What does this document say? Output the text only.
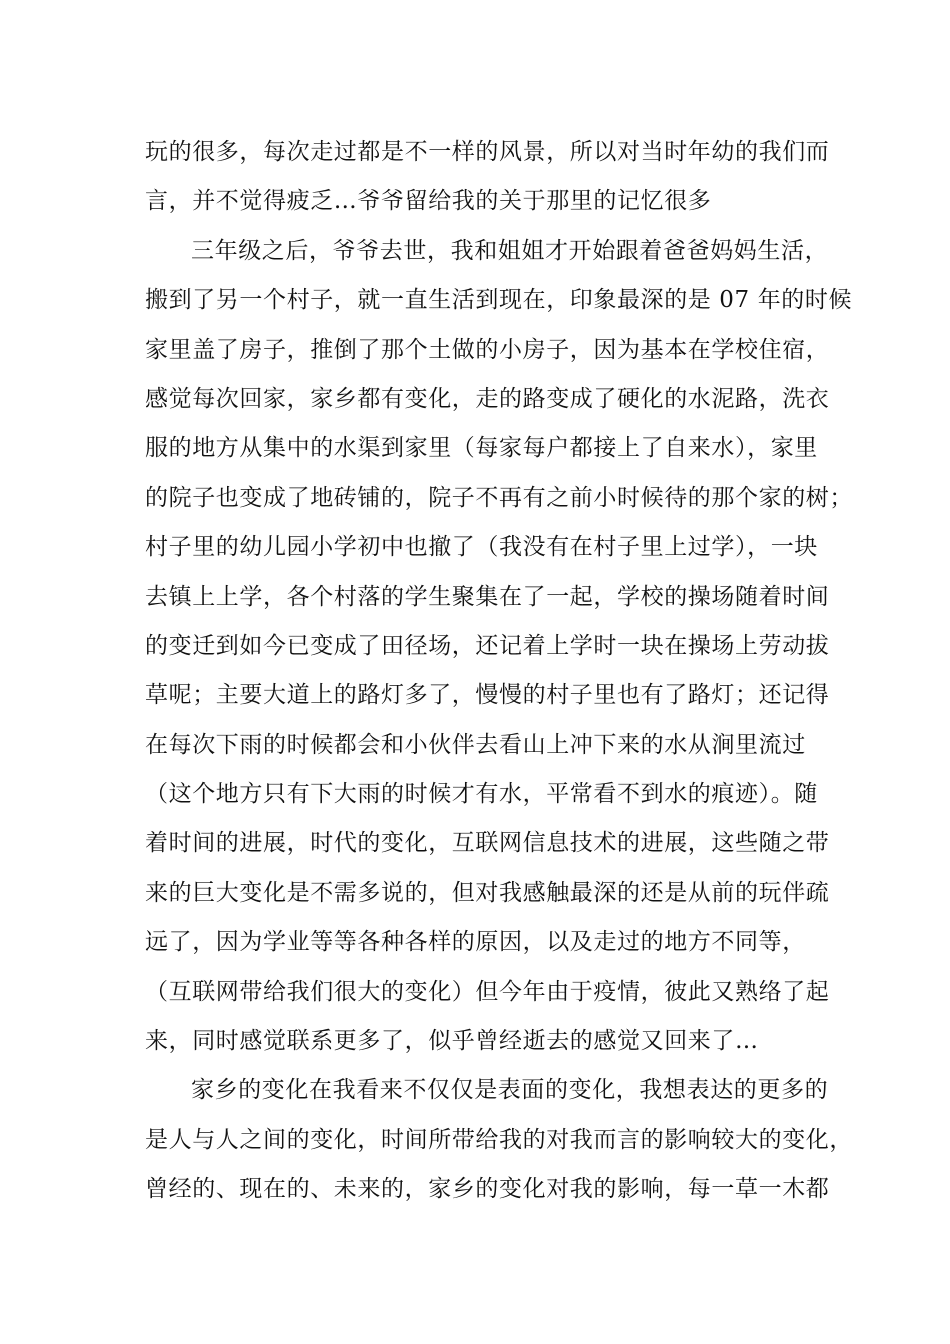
玩的很多，每次走过都是不一样的风景，所以对当时年幼的我们而
言，并不觉得疲乏…爷爷留给我的关于那里的记忆很多
三年级之后，爷爷去世，我和姐姐才开始跟着爸爸妈妈生活，
搬到了另一个村子，就一直生活到现在，印象最深的是 07 年的时候
家里盖了房子，推倒了那个土做的小房子，因为基本在学校住宿，
感觉每次回家，家乡都有变化，走的路变成了硬化的水泥路，洗衣
服的地方从集中的水渠到家里（每家每户都接上了自来水），家里
的院子也变成了地砖铺的，院子不再有之前小时候待的那个家的树；
村子里的幼儿园小学初中也撤了（我没有在村子里上过学），一块
去镇上上学，各个村落的学生聚集在了一起，学校的操场随着时间
的变迁到如今已变成了田径场，还记着上学时一块在操场上劳动拔
草呢；主要大道上的路灯多了，慢慢的村子里也有了路灯；还记得
在每次下雨的时候都会和小伙伴去看山上冲下来的水从涧里流过
（这个地方只有下大雨的时候才有水，平常看不到水的痕迹）。随
着时间的进展，时代的变化，互联网信息技术的进展，这些随之带
来的巨大变化是不需多说的，但对我感触最深的还是从前的玩伴疏
远了，因为学业等等各种各样的原因，以及走过的地方不同等，
（互联网带给我们很大的变化）但今年由于疫情，彼此又熟络了起
来，同时感觉联系更多了，似乎曾经逝去的感觉又回来了…
家乡的变化在我看来不仅仅是表面的变化，我想表达的更多的
是人与人之间的变化，时间所带给我的对我而言的影响较大的变化，
曾经的、现在的、未来的，家乡的变化对我的影响，每一草一木都
